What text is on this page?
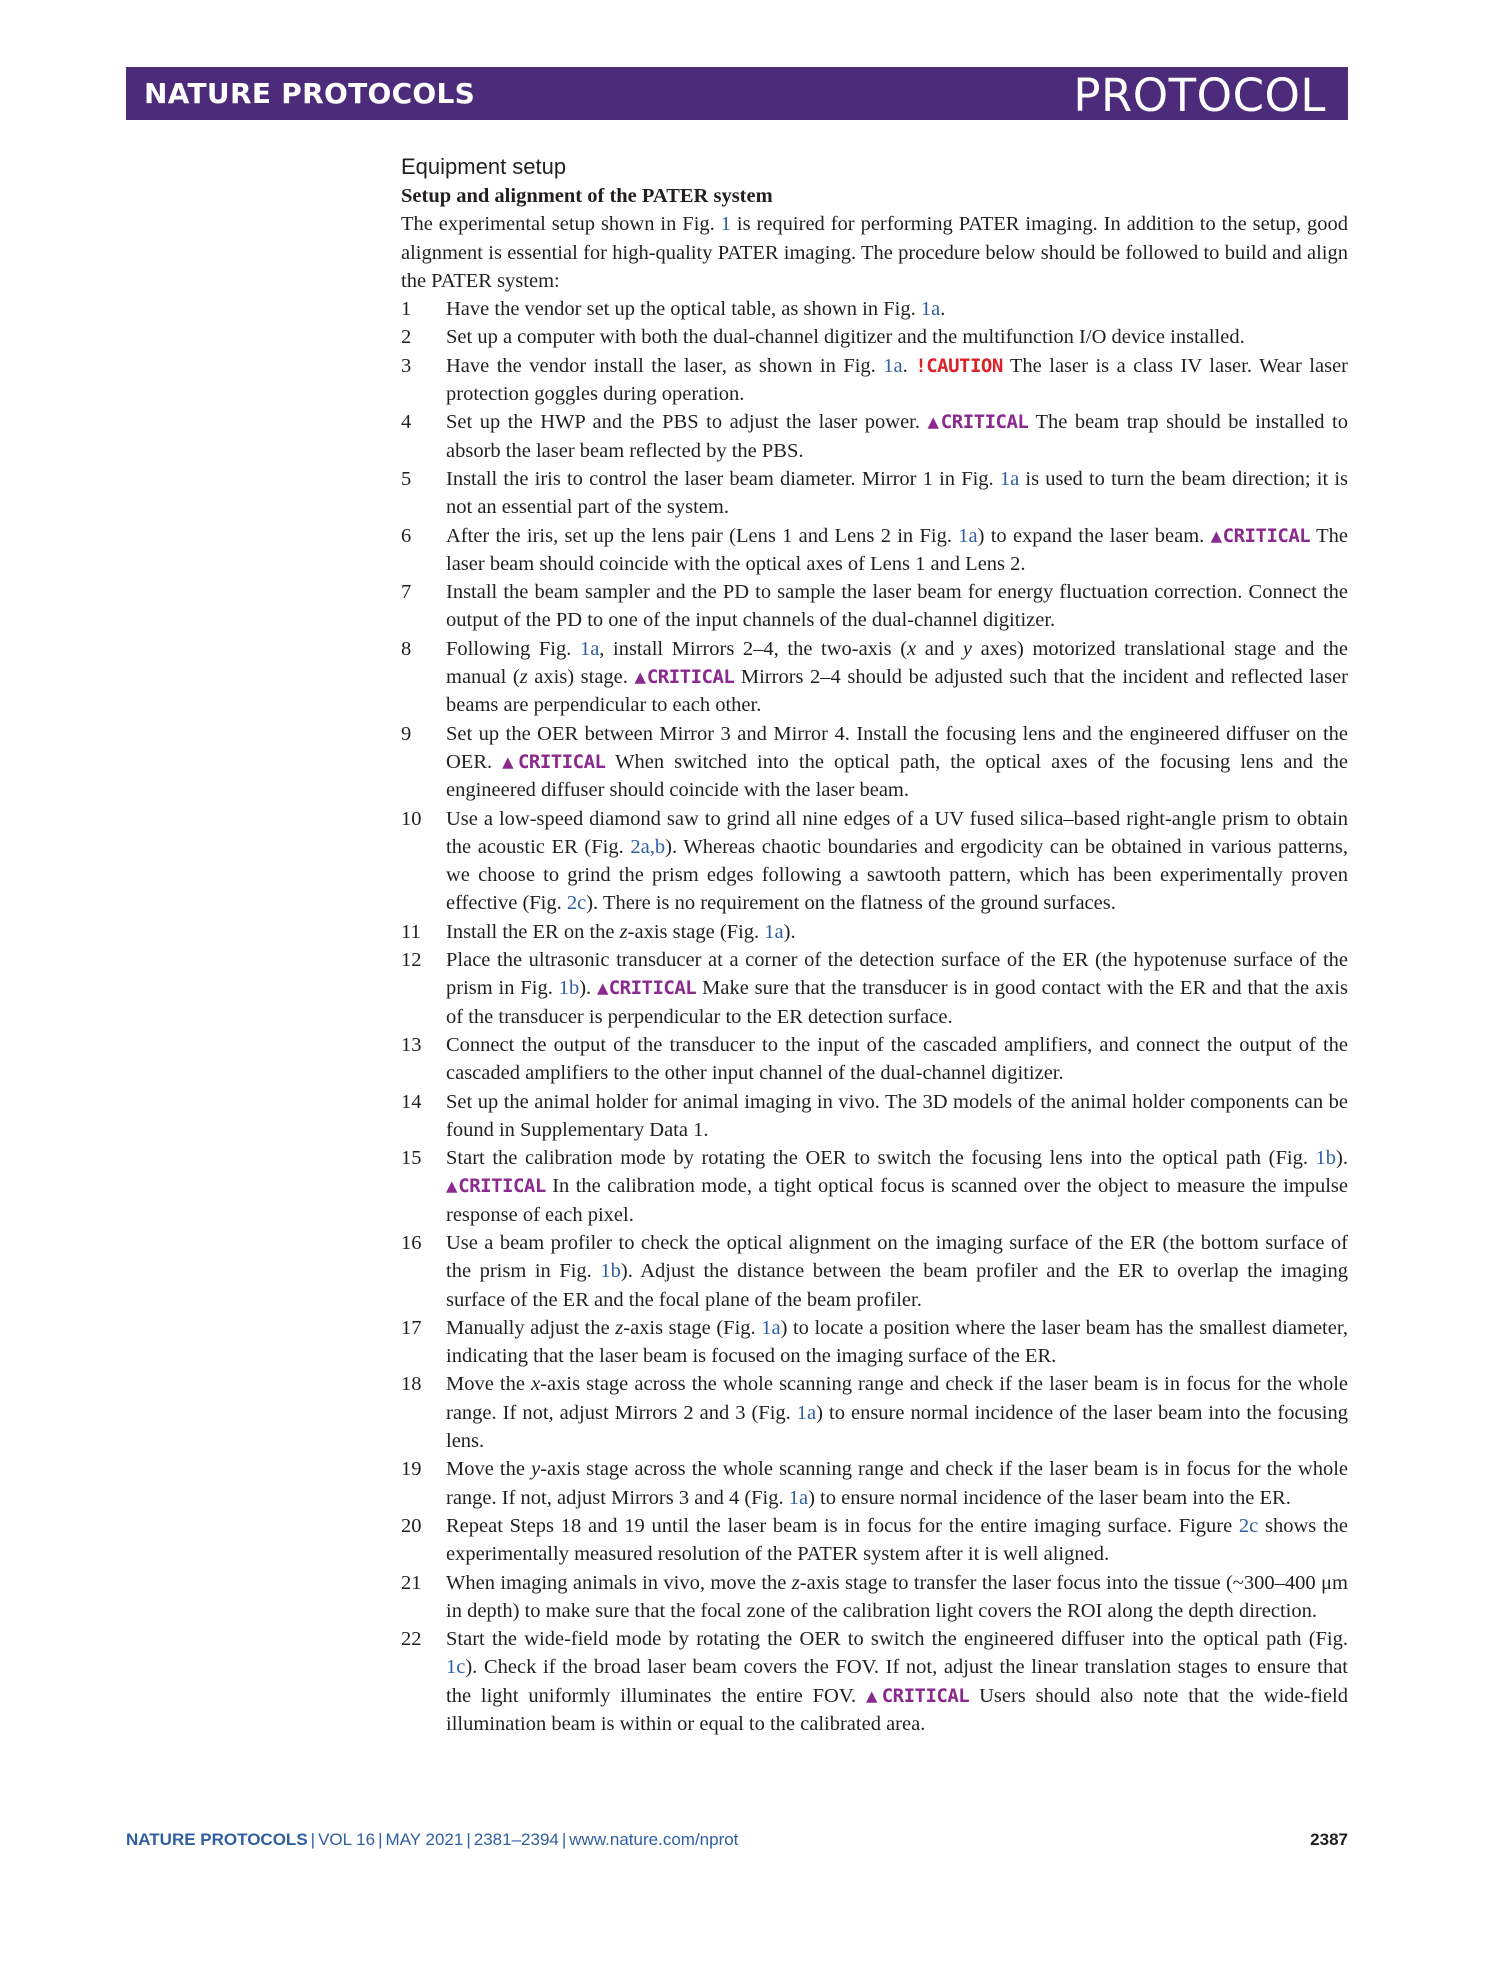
NATURE PROTOCOLS	PROTOCOL
Equipment setup
Setup and alignment of the PATER system
The experimental setup shown in Fig. 1 is required for performing PATER imaging. In addition to the setup, good alignment is essential for high-quality PATER imaging. The procedure below should be followed to build and align the PATER system:
1 Have the vendor set up the optical table, as shown in Fig. 1a.
2 Set up a computer with both the dual-channel digitizer and the multifunction I/O device installed.
3 Have the vendor install the laser, as shown in Fig. 1a. !CAUTION The laser is a class IV laser. Wear laser protection goggles during operation.
4 Set up the HWP and the PBS to adjust the laser power. ▲CRITICAL The beam trap should be installed to absorb the laser beam reflected by the PBS.
5 Install the iris to control the laser beam diameter. Mirror 1 in Fig. 1a is used to turn the beam direction; it is not an essential part of the system.
6 After the iris, set up the lens pair (Lens 1 and Lens 2 in Fig. 1a) to expand the laser beam. ▲CRITICAL The laser beam should coincide with the optical axes of Lens 1 and Lens 2.
7 Install the beam sampler and the PD to sample the laser beam for energy fluctuation correction. Connect the output of the PD to one of the input channels of the dual-channel digitizer.
8 Following Fig. 1a, install Mirrors 2–4, the two-axis (x and y axes) motorized translational stage and the manual (z axis) stage. ▲CRITICAL Mirrors 2–4 should be adjusted such that the incident and reflected laser beams are perpendicular to each other.
9 Set up the OER between Mirror 3 and Mirror 4. Install the focusing lens and the engineered diffuser on the OER. ▲CRITICAL When switched into the optical path, the optical axes of the focusing lens and the engineered diffuser should coincide with the laser beam.
10 Use a low-speed diamond saw to grind all nine edges of a UV fused silica–based right-angle prism to obtain the acoustic ER (Fig. 2a,b). Whereas chaotic boundaries and ergodicity can be obtained in various patterns, we choose to grind the prism edges following a sawtooth pattern, which has been experimentally proven effective (Fig. 2c). There is no requirement on the flatness of the ground surfaces.
11 Install the ER on the z-axis stage (Fig. 1a).
12 Place the ultrasonic transducer at a corner of the detection surface of the ER (the hypotenuse surface of the prism in Fig. 1b). ▲CRITICAL Make sure that the transducer is in good contact with the ER and that the axis of the transducer is perpendicular to the ER detection surface.
13 Connect the output of the transducer to the input of the cascaded amplifiers, and connect the output of the cascaded amplifiers to the other input channel of the dual-channel digitizer.
14 Set up the animal holder for animal imaging in vivo. The 3D models of the animal holder components can be found in Supplementary Data 1.
15 Start the calibration mode by rotating the OER to switch the focusing lens into the optical path (Fig. 1b). ▲CRITICAL In the calibration mode, a tight optical focus is scanned over the object to measure the impulse response of each pixel.
16 Use a beam profiler to check the optical alignment on the imaging surface of the ER (the bottom surface of the prism in Fig. 1b). Adjust the distance between the beam profiler and the ER to overlap the imaging surface of the ER and the focal plane of the beam profiler.
17 Manually adjust the z-axis stage (Fig. 1a) to locate a position where the laser beam has the smallest diameter, indicating that the laser beam is focused on the imaging surface of the ER.
18 Move the x-axis stage across the whole scanning range and check if the laser beam is in focus for the whole range. If not, adjust Mirrors 2 and 3 (Fig. 1a) to ensure normal incidence of the laser beam into the focusing lens.
19 Move the y-axis stage across the whole scanning range and check if the laser beam is in focus for the whole range. If not, adjust Mirrors 3 and 4 (Fig. 1a) to ensure normal incidence of the laser beam into the ER.
20 Repeat Steps 18 and 19 until the laser beam is in focus for the entire imaging surface. Figure 2c shows the experimentally measured resolution of the PATER system after it is well aligned.
21 When imaging animals in vivo, move the z-axis stage to transfer the laser focus into the tissue (~300–400 μm in depth) to make sure that the focal zone of the calibration light covers the ROI along the depth direction.
22 Start the wide-field mode by rotating the OER to switch the engineered diffuser into the optical path (Fig. 1c). Check if the broad laser beam covers the FOV. If not, adjust the linear translation stages to ensure that the light uniformly illuminates the entire FOV. ▲CRITICAL Users should also note that the wide-field illumination beam is within or equal to the calibrated area.
NATURE PROTOCOLS | VOL 16 | MAY 2021 | 2381–2394 | www.nature.com/nprot	2387
